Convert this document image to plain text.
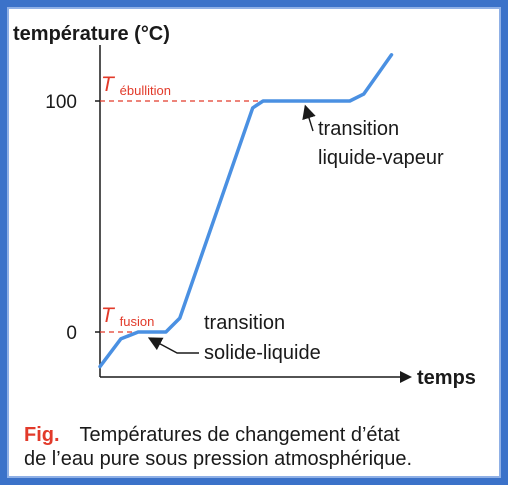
température (°C)
temps
0
100
T ébullition
T fusion transition
solide-liquide
transition
liquide-vapeur
Fig. Températures de changement d’état
de l’eau pure sous pression atmosphérique.
